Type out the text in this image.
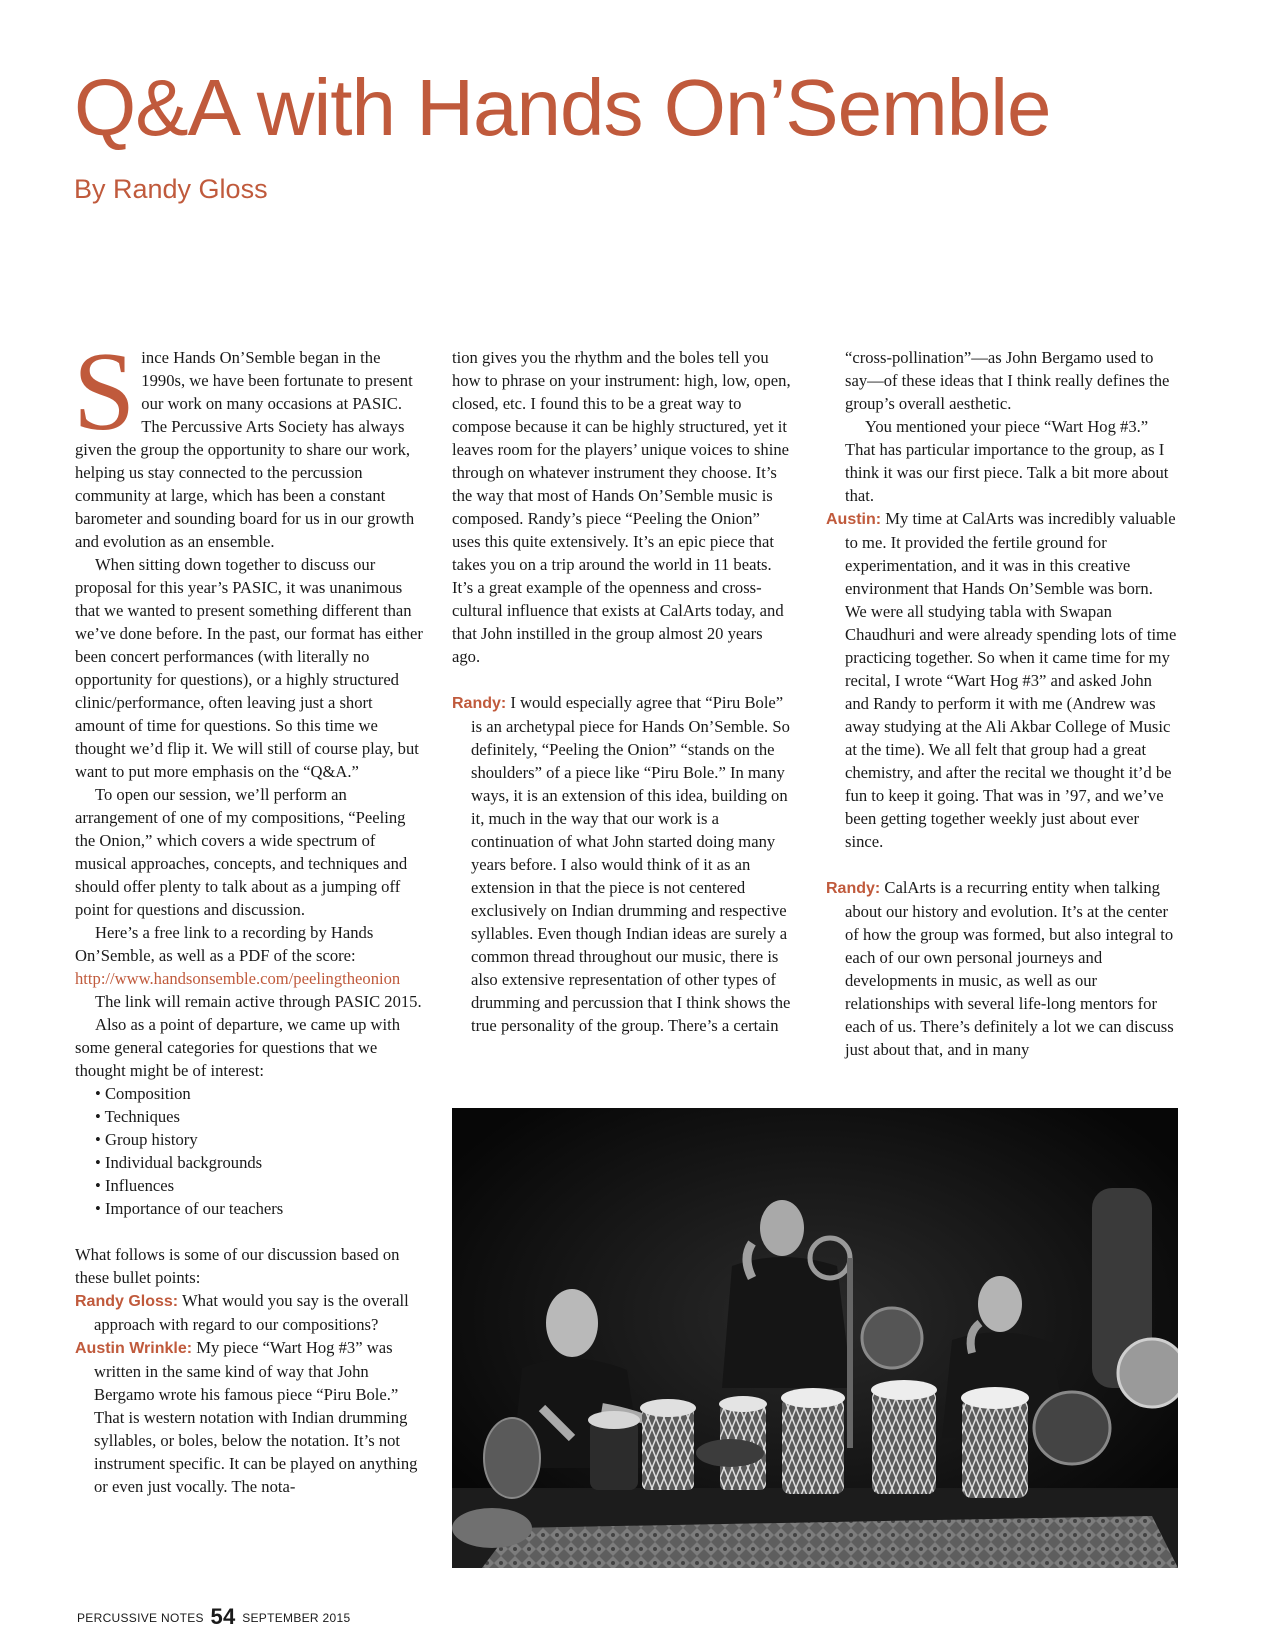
Q&A with Hands On’Semble
By Randy Gloss

Since Hands On’Semble began in the 1990s, we have been fortunate to present our work on many occasions at PASIC. The Percussive Arts Society has always given the group the opportunity to share our work, helping us stay connected to the percussion community at large, which has been a constant barometer and sounding board for us in our growth and evolution as an ensemble.

When sitting down together to discuss our proposal for this year’s PASIC, it was unanimous that we wanted to present something different than we’ve done before. In the past, our format has either been concert performances (with literally no opportunity for questions), or a highly structured clinic/performance, often leaving just a short amount of time for questions. So this time we thought we’d flip it. We will still of course play, but want to put more emphasis on the “Q&A.”

To open our session, we’ll perform an arrangement of one of my compositions, “Peeling the Onion,” which covers a wide spectrum of musical approaches, concepts, and techniques and should offer plenty to talk about as a jumping off point for questions and discussion.

Here’s a free link to a recording by Hands On’Semble, as well as a PDF of the score: http://www.handsonsemble.com/peelingtheonion

The link will remain active through PASIC 2015.

Also as a point of departure, we came up with some general categories for questions that we thought might be of interest:

• Composition
• Techniques
• Group history
• Individual backgrounds
• Influences
• Importance of our teachers

What follows is some of our discussion based on these bullet points:

Randy Gloss: What would you say is the overall approach with regard to our compositions?

Austin Wrinkle: My piece “Wart Hog #3” was written in the same kind of way that John Bergamo wrote his famous piece “Piru Bole.” That is western notation with Indian drumming syllables, or boles, below the notation. It’s not instrument specific. It can be played on anything or even just vocally. The nota-

tion gives you the rhythm and the boles tell you how to phrase on your instrument: high, low, open, closed, etc. I found this to be a great way to compose because it can be highly structured, yet it leaves room for the players’ unique voices to shine through on whatever instrument they choose. It’s the way that most of Hands On’Semble music is composed. Randy’s piece “Peeling the Onion” uses this quite extensively. It’s an epic piece that takes you on a trip around the world in 11 beats. It’s a great example of the openness and cross-cultural influence that exists at CalArts today, and that John instilled in the group almost 20 years ago.

Randy: I would especially agree that “Piru Bole” is an archetypal piece for Hands On’Semble. So definitely, “Peeling the Onion” “stands on the shoulders” of a piece like “Piru Bole.” In many ways, it is an extension of this idea, building on it, much in the way that our work is a continuation of what John started doing many years before. I also would think of it as an extension in that the piece is not centered exclusively on Indian drumming and respective syllables. Even though Indian ideas are surely a common thread throughout our music, there is also extensive representation of other types of drumming and percussion that I think shows the true personality of the group. There’s a certain

“cross-pollination”—as John Bergamo used to say—of these ideas that I think really defines the group’s overall aesthetic.

You mentioned your piece “Wart Hog #3.” That has particular importance to the group, as I think it was our first piece. Talk a bit more about that.

Austin: My time at CalArts was incredibly valuable to me. It provided the fertile ground for experimentation, and it was in this creative environment that Hands On’Semble was born. We were all studying tabla with Swapan Chaudhuri and were already spending lots of time practicing together. So when it came time for my recital, I wrote “Wart Hog #3” and asked John and Randy to perform it with me (Andrew was away studying at the Ali Akbar College of Music at the time). We all felt that group had a great chemistry, and after the recital we thought it’d be fun to keep it going. That was in ’97, and we’ve been getting together weekly just about ever since.

Randy: CalArts is a recurring entity when talking about our history and evolution. It’s at the center of how the group was formed, but also integral to each of our own personal journeys and developments in music, as well as our relationships with several life-long mentors for each of us. There’s definitely a lot we can discuss just about that, and in many

PERCUSSIVE NOTES 54 SEPTEMBER 2015
